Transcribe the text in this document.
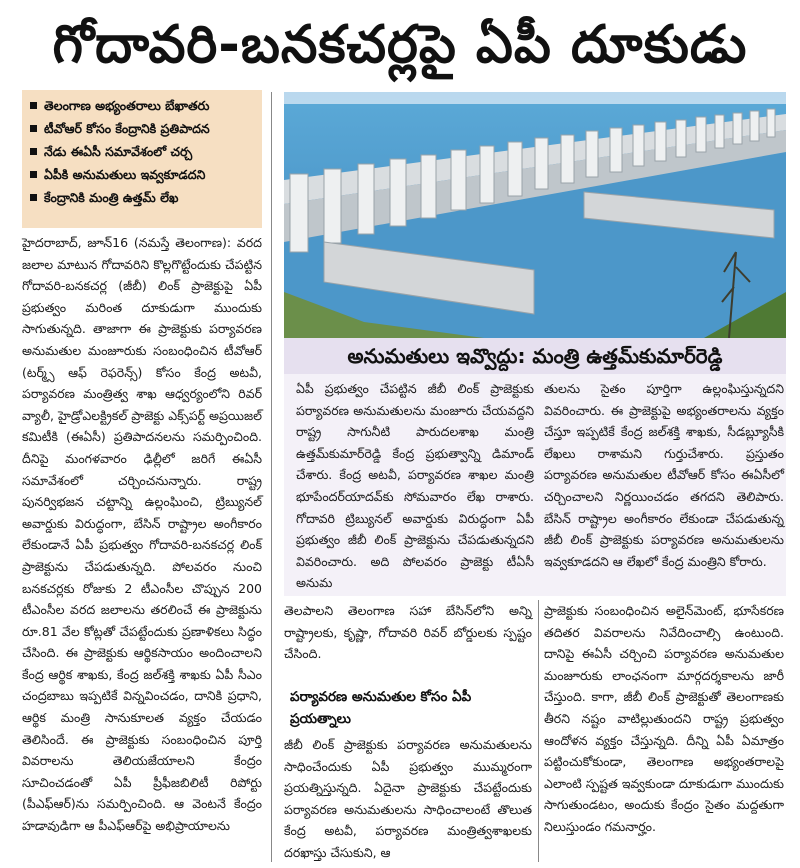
గోదావరి-బనకచర్లపై ఏపీ దూకుడు
తెలంగాణ అభ్యంతరాలు బేఖాతరు
టీవోఆర్ కోసం కేంద్రానికి ప్రతిపాదన
నేడు ఈఏసీ సమావేశంలో చర్చ
ఏపీకి అనుమతులు ఇవ్వకూడదని
కేంద్రానికి మంత్రి ఉత్తమ్ లేఖ
అనుమతులు ఇవ్వొద్దు: మంత్రి ఉత్తమ్‌కుమార్‌రెడ్డి
హైదరాబాద్, జూన్16 (నమస్తే తెలంగాణ): వరద జలాల మాటున గోదావరిని కొల్లగొట్టేందుకు చేపట్టిన గోదావరి-బనకచర్ల (జీబీ) లింక్ ప్రాజెక్టుపై ఏపీ ప్రభుత్వం మరింత దూకుడుగా ముందుకు సాగుతున్నది. తాజాగా ఈ ప్రాజెక్టుకు పర్యావరణ అనుమతుల మంజూరుకు సంబంధించిన టీవోఆర్ (టర్మ్స్ ఆఫ్ రెఫరెన్స్) కోసం కేంద్ర అటవీ, పర్యావరణ మంత్రిత్వ శాఖ ఆధ్వర్యంలోని రివర్ వ్యాలీ, హైడ్రోఎలక్ట్రికల్ ప్రాజెక్టు ఎక్స్‌పర్ట్ అప్రయిజల్ కమిటీకి (ఈఏసీ) ప్రతిపాదనలను సమర్పించింది. దీనిపై మంగళవారం ఢిల్లీలో జరిగే ఈఏసీ సమావేశంలో చర్చించనున్నారు. రాష్ట్ర పునర్విభజన చట్టాన్ని ఉల్లంఘించి, ట్రిబ్యునల్ అవార్డుకు విరుద్ధంగా, బేసిన్ రాష్ట్రాల అంగీకారం లేకుండానే ఏపీ ప్రభుత్వం గోదావరి-బనకచర్ల లింక్ ప్రాజెక్టును చేపడుతున్నది. పోలవరం నుంచి బనకచర్లకు రోజుకు 2 టీఎంసీల చొప్పున 200 టీఎంసీల వరద జలాలను తరలించే ఈ ప్రాజెక్టును రూ.81 వేల కోట్లతో చేపట్టేందుకు ప్రణాళికలు సిద్ధం చేసింది. ఈ ప్రాజెక్టుకు ఆర్థికసాయం అందించాలని కేంద్ర ఆర్థిక శాఖకు, కేంద్ర జల్‌శక్తి శాఖకు ఏపీ సీఎం చంద్రబాబు ఇప్పటికే విన్నవించడం, దానికి ప్రధాని, ఆర్థిక మంత్రి సానుకూలత వ్యక్తం చేయడం తెలిసిందే. ఈ ప్రాజెక్టుకు సంబంధించిన పూర్తి వివరాలను తెలియజేయాలని కేంద్రం సూచించడంతో ఏపీ ప్రీఫీజబిలిటీ రిపోర్టు (పీఎఫ్ఆర్)ను సమర్పించింది. ఆ వెంటనే కేంద్రం హడావుడిగా ఆ పీఎఫ్ఆర్‌పై అభిప్రాయాలను
ఏపీ ప్రభుత్వం చేపట్టిన జీబీ లింక్ ప్రాజెక్టుకు పర్యావరణ అనుమతులను మంజూరు చేయవద్దని రాష్ట్ర సాగునీటి పారుదలశాఖ మంత్రి ఉత్తమ్‌కుమార్‌రెడ్డి కేంద్ర ప్రభుత్వాన్ని డిమాండ్ చేశారు. కేంద్ర అటవీ, పర్యావరణ శాఖల మంత్రి భూపేందర్‌యాదవ్‌కు సోమవారం లేఖ రాశారు. గోదావరి ట్రిబ్యునల్ అవార్డుకు విరుద్ధంగా ఏపీ ప్రభుత్వం జీబీ లింక్ ప్రాజెక్టును చేపడుతున్నదని వివరించారు. అది పోలవరం ప్రాజెక్టు టీఏసీ అనుమ
తులను సైతం పూర్తిగా ఉల్లంఘిస్తున్నదని వివరించారు. ఈ ప్రాజెక్టుపై అభ్యంతరాలను వ్యక్తం చేస్తూ ఇప్పటికే కేంద్ర జల్‌శక్తి శాఖకు, సీడబ్ల్యూసీకి లేఖలు రాశామని గుర్తుచేశారు. ప్రస్తుతం పర్యావరణ అనుమతుల టీవోఆర్ కోసం ఈఏసీలో చర్చించాలని నిర్ణయించడం తగదని తెలిపారు. బేసిన్ రాష్ట్రాల అంగీకారం లేకుండా చేపడుతున్న జీబీ లింక్ ప్రాజెక్టుకు పర్యావరణ అనుమతులను ఇవ్వకూడదని ఆ లేఖలో కేంద్ర మంత్రిని కోరారు.
తెలపాలని తెలంగాణ సహా బేసిన్‌లోని అన్ని రాష్ట్రాలకు, కృష్ణా, గోదావరి రివర్ బోర్డులకు స్పష్టం చేసింది.
పర్యావరణ అనుమతుల కోసం ఏపీ ప్రయత్నాలు
జీబీ లింక్ ప్రాజెక్టుకు పర్యావరణ అనుమతులను సాధించేందుకు ఏపీ ప్రభుత్వం ముమ్మరంగా ప్రయత్నిస్తున్నది. ఏదైనా ప్రాజెక్టుకు చేపట్టేందుకు పర్యావరణ అనుమతులను సాధించాలంటే తొలుత కేంద్ర అటవీ, పర్యావరణ మంత్రిత్వశాఖలకు దరఖాస్తు చేసుకుని, ఆ
ప్రాజెక్టుకు సంబంధించిన అలైన్‌మెంట్, భూసేకరణ తదితర వివరాలను నివేదించాల్సి ఉంటుంది. దానిపై ఈఏసీ చర్చించి పర్యావరణ అనుమతుల మంజూరుకు లాంఛనంగా మార్గదర్శకాలను జారీ చేస్తుంది. కాగా, జీబీ లింక్ ప్రాజెక్టుతో తెలంగాణకు తీరని నష్టం వాటిల్లుతుందని రాష్ట్ర ప్రభుత్వం ఆందోళన వ్యక్తం చేస్తున్నది. దీన్ని ఏపీ ఏమాత్రం పట్టించుకోకుండా, తెలంగాణ అభ్యంతరాలపై ఎలాంటి స్పష్టత ఇవ్వకుండా దూకుడుగా ముందుకు సాగుతుండటం, అందుకు కేంద్రం సైతం మద్దతుగా నిలుస్తుండం గమనార్హం.
